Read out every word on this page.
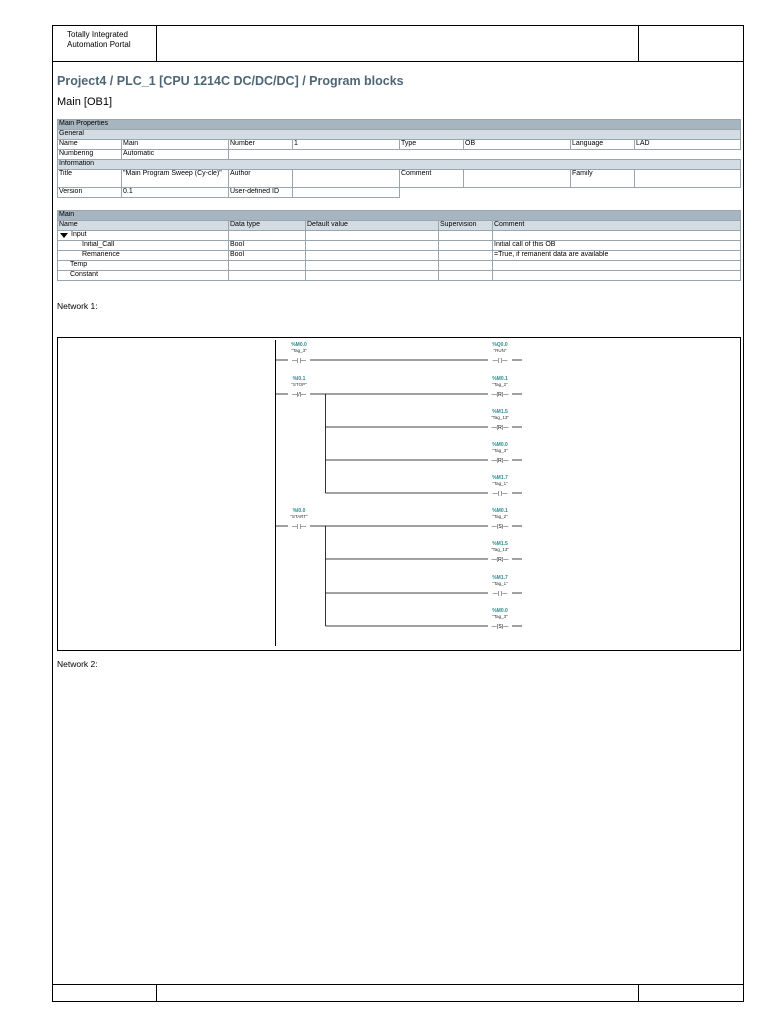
Totally Integrated
Automation Portal
Project4 / PLC_1 [CPU 1214C DC/DC/DC] / Program blocks
Main [OB1]
Main Properties							
General							
Name	Main	Number	1	Type	OB	Language	LAD
Numbering	Automatic						
Information							
Title	"Main Program Sweep (Cy-cle)"	Author		Comment		Family	
Version	0.1	User-defined ID					
Main				
Name	Data type	Default value	Supervision	Comment
Input				
Initial_Call	Bool			Initial call of this OB
Remanence	Bool			=True, if remanent data are available
Temp				
Constant				
Network 1:
%M0.0
"Tag_3"
—| |—
%I0.1
"STOP"
—|/|—
%I0.0
"START"
—| |—
%Q0.0
"RUN"
—( )—
%M0.1
"Tag_2"
—(R)—
%M1.5
"Tag_13"
—(R)—
%M0.0
"Tag_3"
—(R)—
%M1.7
"Tag_1"
—( )—
%M0.1
"Tag_2"
—(S)—
%M1.5
"Tag_13"
—(R)—
%M1.7
"Tag_1"
—( )—
%M0.0
"Tag_3"
—(S)—
Network 2:
